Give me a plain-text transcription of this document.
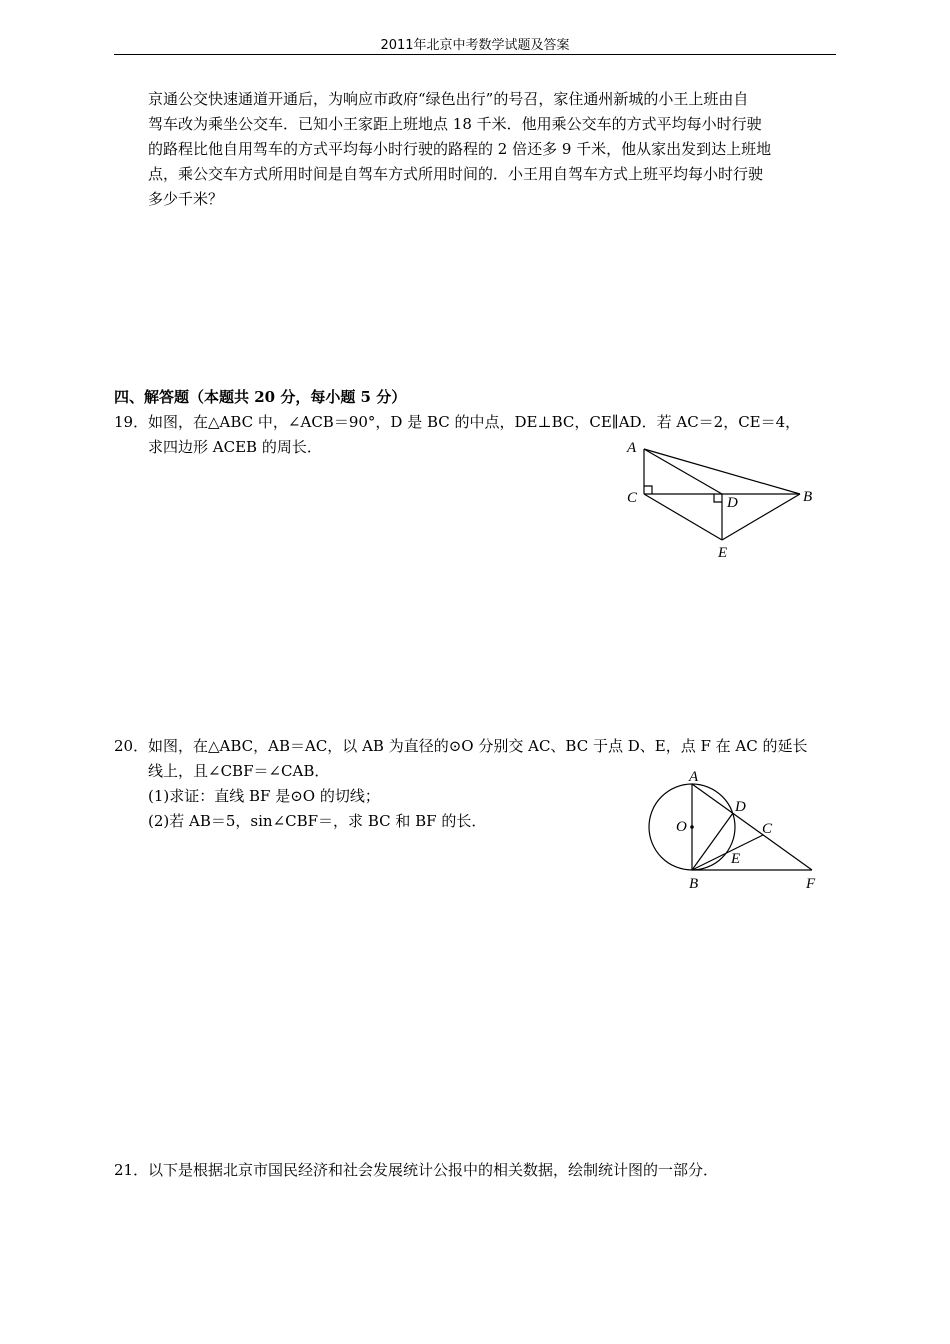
2011年北京中考数学试题及答案
京通公交快速通道开通后，为响应市政府“绿色出行”的号召，家住通州新城的小王上班由自
驾车改为乘坐公交车．已知小王家距上班地点 18 千米．他用乘公交车的方式平均每小时行驶
的路程比他自用驾车的方式平均每小时行驶的路程的 2 倍还多 9 千米，他从家出发到达上班地
点，乘公交车方式所用时间是自驾车方式所用时间的．小王用自驾车方式上班平均每小时行驶
多少千米？
四、解答题（本题共 20 分，每小题 5 分）
19． 如图，在△ABC 中，∠ACB＝90°，D 是 BC 的中点，DE⊥BC，CE∥AD．若 AC＝2，CE＝4，
求四边形 ACEB 的周长．	A
C	D	B
E
20． 如图，在△ABC，AB＝AC，以 AB 为直径的⊙O 分别交 AC、BC 于点 D、E，点 F 在 AC 的延长
线上，且∠CBF＝∠CAB．
(1)求证：直线 BF 是⊙O 的切线；
(2)若 AB＝5，sin∠CBF＝，求 BC 和 BF 的长．
A
O
D
C
E
B	F
21． 以下是根据北京市国民经济和社会发展统计公报中的相关数据，绘制统计图的一部分．
